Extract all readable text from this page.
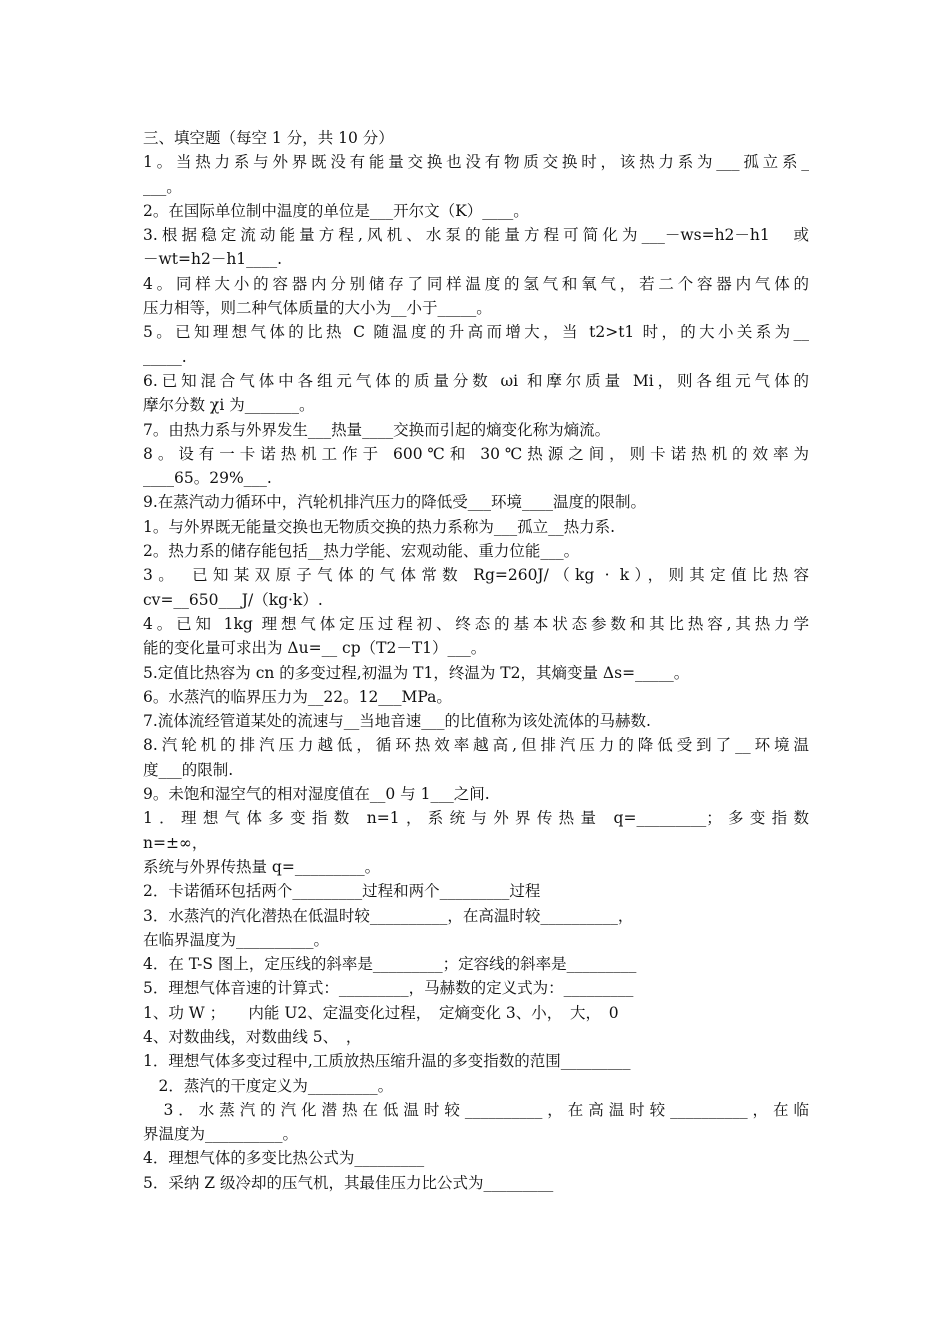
三、填空题（每空 1 分，共 10 分）
1。当热力系与外界既没有能量交换也没有物质交换时，该热力系为___孤立系_
___。
2。在国际单位制中温度的单位是___开尔文（K）____。
3.根据稳定流动能量方程,风机、水泵的能量方程可简化为___－ws=h2－h1　或
－wt=h2－h1____.
4。同样大小的容器内分别储存了同样温度的氢气和氧气，若二个容器内气体的
压力相等，则二种气体质量的大小为__小于_____。
5。已知理想气体的比热 C 随温度的升高而增大，当 t2>t1 时，的大小关系为__
_____.
6.已知混合气体中各组元气体的质量分数 ωi 和摩尔质量 Mi，则各组元气体的
摩尔分数 χi 为_______。
7。由热力系与外界发生___热量____交换而引起的熵变化称为熵流。
8。设有一卡诺热机工作于 600℃和 30℃热源之间，则卡诺热机的效率为
____65。29%___.
9.在蒸汽动力循环中，汽轮机排汽压力的降低受___环境____温度的限制。
1。与外界既无能量交换也无物质交换的热力系称为___孤立__热力系.
2。热力系的储存能包括__热力学能、宏观动能、重力位能___。
3。　已知某双原子气体的气体常数 Rg=260J/（kg · k），则其定值比热容
cv=__650___J/（kg·k）.
4。已知 1kg 理想气体定压过程初、终态的基本状态参数和其比热容,其热力学
能的变化量可求出为 Δu=__ cp（T2－T1）___。
5.定值比热容为 cn 的多变过程,初温为 T1，终温为 T2，其熵变量 Δs=_____。
6。水蒸汽的临界压力为__22。12___MPa。
7.流体流经管道某处的流速与__当地音速___的比值称为该处流体的马赫数.
8.汽轮机的排汽压力越低，循环热效率越高,但排汽压力的降低受到了__环境温
度___的限制.
9。未饱和湿空气的相对湿度值在__0 与 1___之间.
1．理想气体多变指数 n=1，系统与外界传热量 q=_________；多变指数
n=±∞，
系统与外界传热量 q=_________。
2．卡诺循环包括两个_________过程和两个_________过程
3．水蒸汽的汽化潜热在低温时较__________，在高温时较__________，
在临界温度为__________。
4．在 T-S 图上，定压线的斜率是_________；定容线的斜率是_________
5．理想气体音速的计算式：_________，马赫数的定义式为：_________
1、功 W ；　　内能 U2、定温变化过程，　定熵变化 3、小，　大，　0
4、对数曲线，对数曲线 5、　，
1．理想气体多变过程中,工质放热压缩升温的多变指数的范围_________
　2．蒸汽的干度定义为_________。
　3．水蒸汽的汽化潜热在低温时较__________，在高温时较__________，在临
界温度为__________。
4．理想气体的多变比热公式为_________
5．采纳 Z 级冷却的压气机，其最佳压力比公式为_________
